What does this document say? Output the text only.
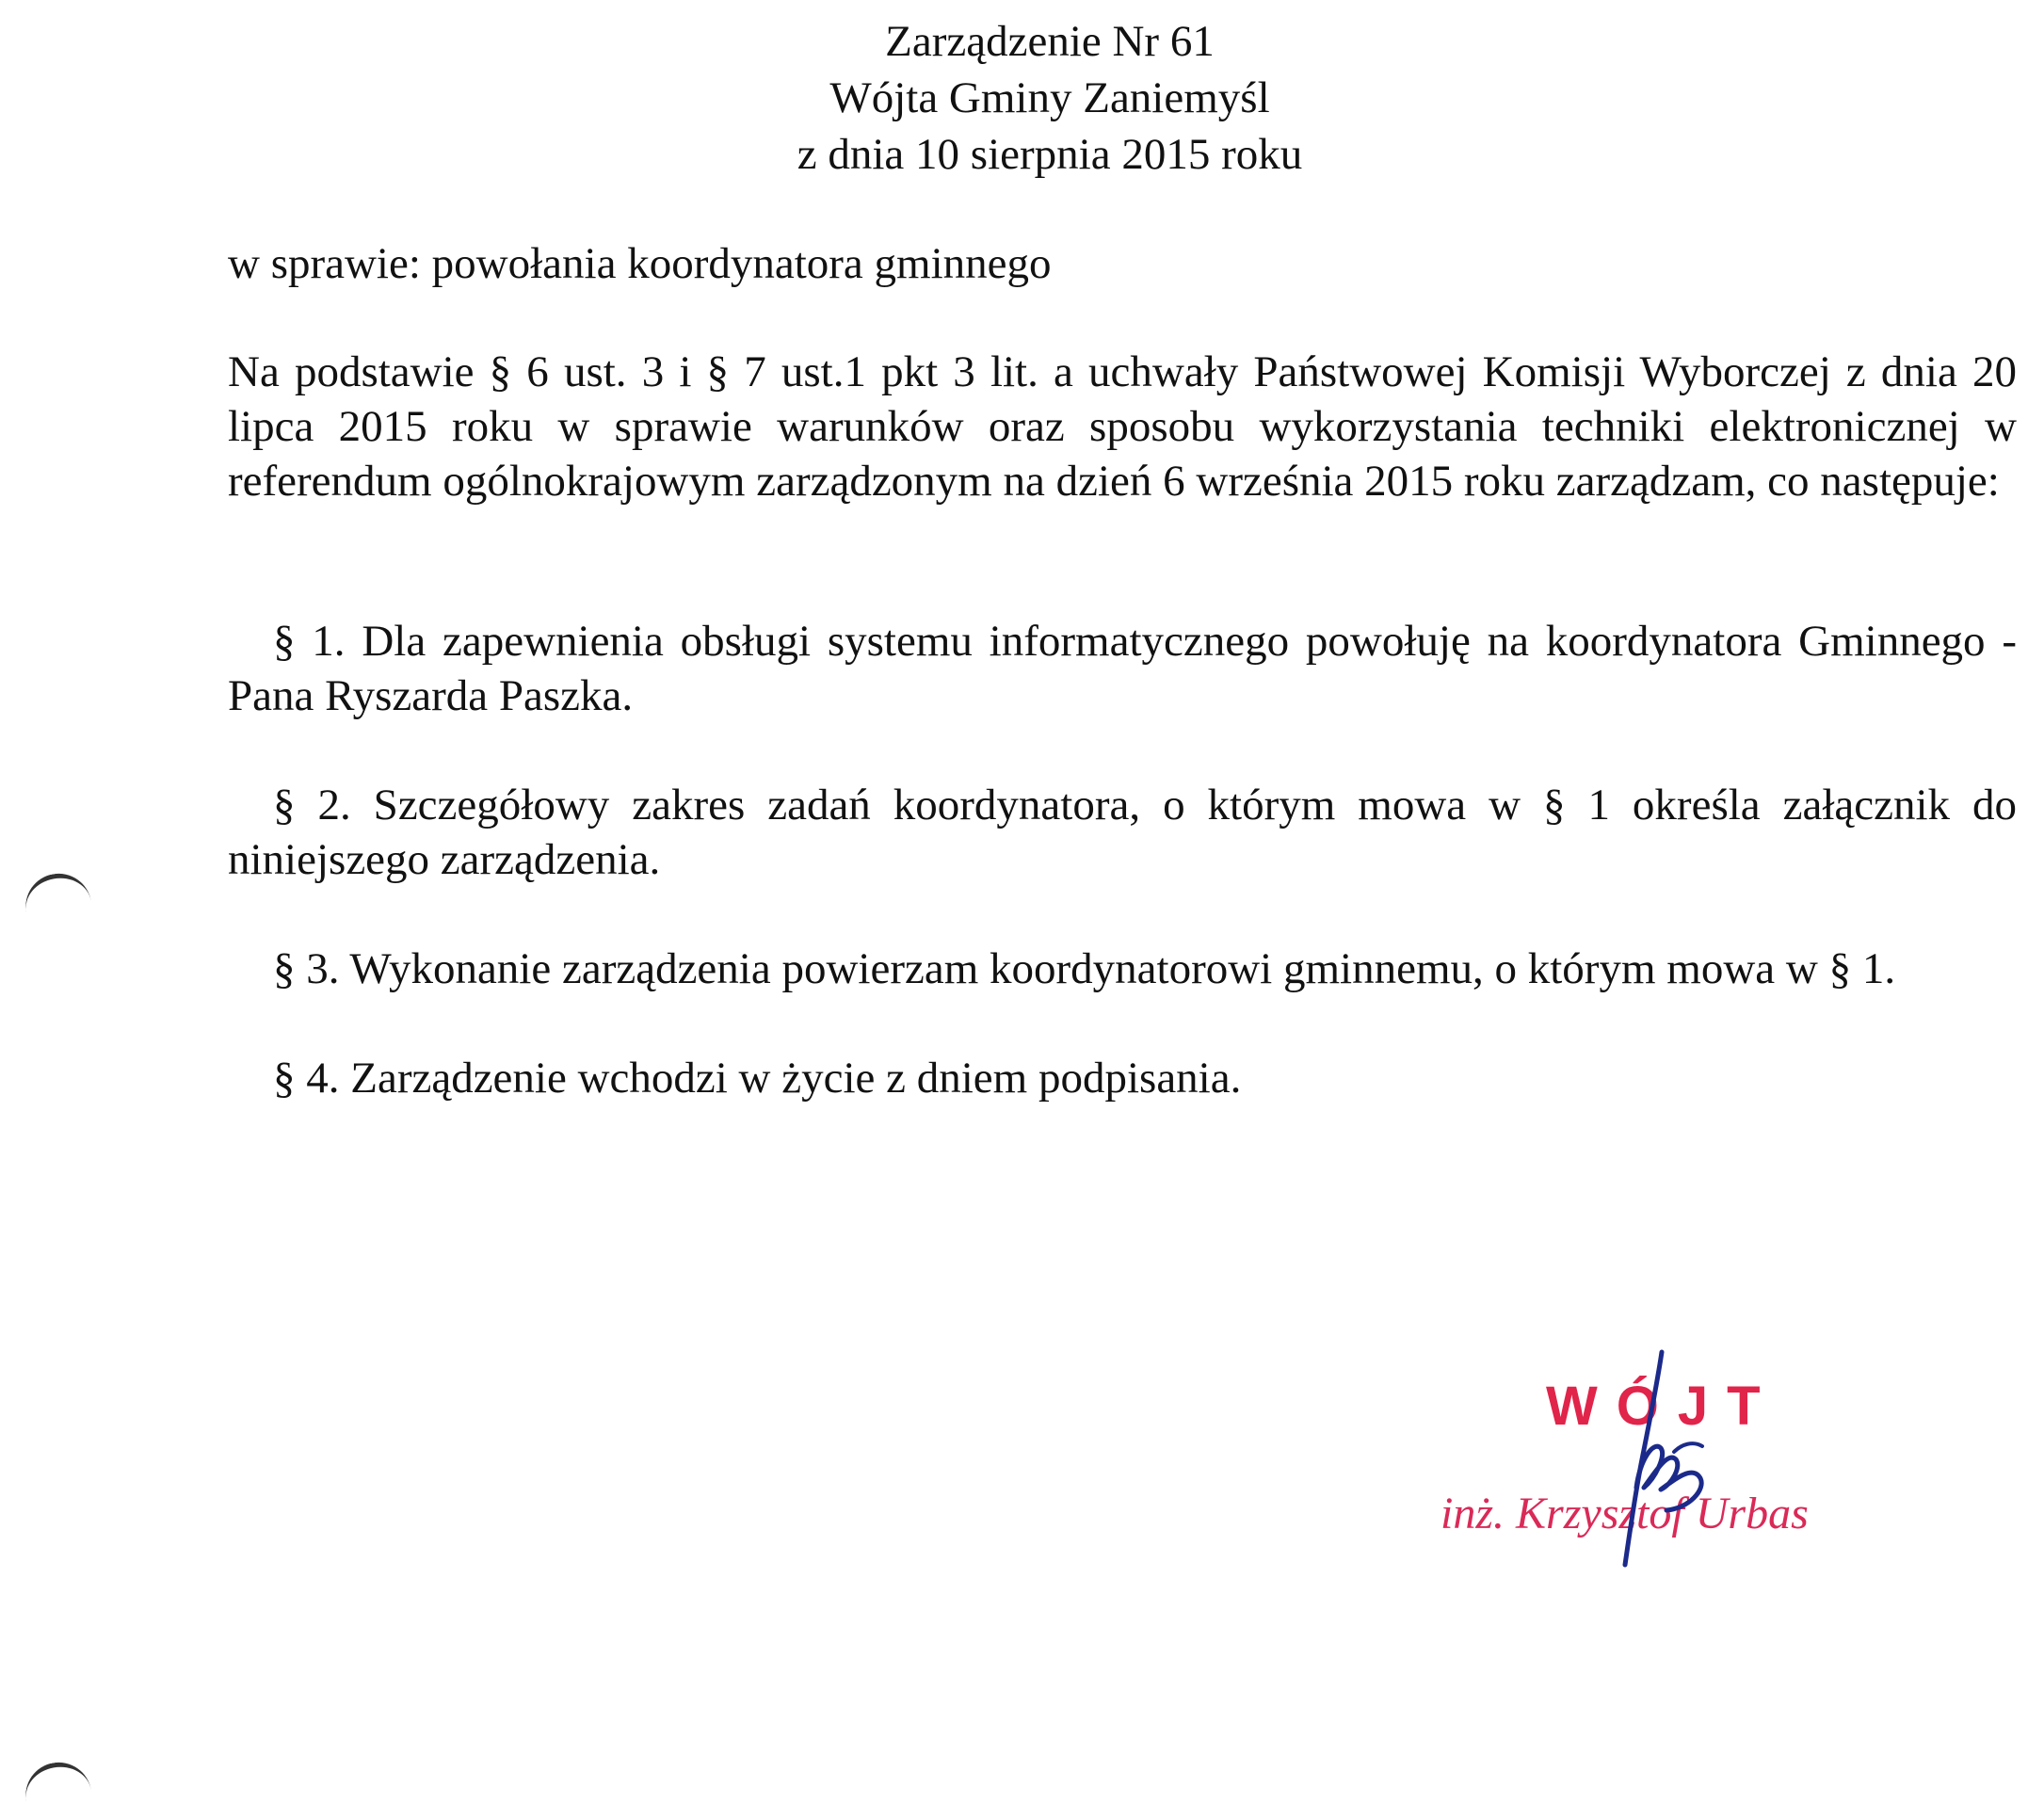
Zarządzenie Nr 61
Wójta Gminy Zaniemyśl
z dnia 10 sierpnia 2015 roku
w sprawie: powołania koordynatora gminnego
Na podstawie § 6 ust. 3 i § 7 ust.1 pkt 3 lit. a uchwały Państwowej Komisji Wyborczej z dnia 20 lipca 2015 roku w sprawie warunków oraz sposobu wykorzystania techniki elektronicznej w referendum ogólnokrajowym zarządzonym na dzień 6 września 2015 roku zarządzam, co następuje:
§ 1. Dla zapewnienia obsługi systemu informatycznego powołuję na koordynatora Gminnego - Pana Ryszarda Paszka.
§ 2. Szczegółowy zakres zadań koordynatora, o którym mowa w § 1 określa załącznik do niniejszego zarządzenia.
§ 3. Wykonanie zarządzenia powierzam koordynatorowi gminnemu, o którym mowa w § 1.
§ 4. Zarządzenie wchodzi w życie z dniem podpisania.
WÓJT
inż. Krzysztof Urbas
